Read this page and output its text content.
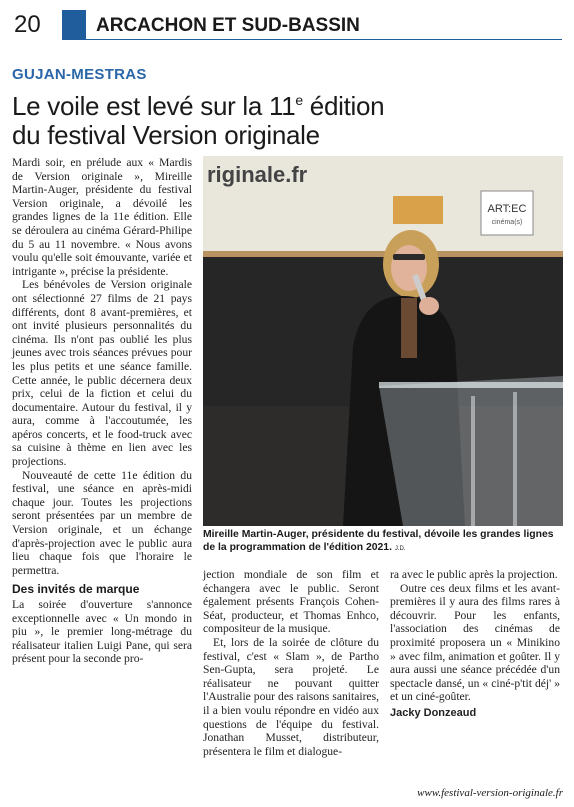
20	ARCACHON ET SUD-BASSIN
GUJAN-MESTRAS
Le voile est levé sur la 11e édition
du festival Version originale

Mardi soir, en prélude aux « Mardis de Version originale », Mireille Martin-Auger, présidente du festival Version originale, a dévoilé les grandes lignes de la 11e édition. Elle se déroulera au cinéma Gérard-Philipe du 5 au 11 novembre. « Nous avons voulu qu'elle soit émouvante, variée et intrigante », précise la présidente.

Les bénévoles de Version originale ont sélectionné 27 films de 21 pays différents, dont 8 avant-premières, et ont invité plusieurs personnalités du cinéma. Ils n'ont pas oublié les plus jeunes avec trois séances prévues pour les plus petits et une séance famille. Cette année, le public décernera deux prix, celui de la fiction et celui du documentaire. Autour du festival, il y aura, comme à l'accoutumée, les apéros concerts, et le food-truck avec sa cuisine à thème en lien avec les projections.

Nouveauté de cette 11e édition du festival, une séance en après-midi chaque jour. Toutes les projections seront présentées par un membre de Version originale, et un échange d'après-projection avec le public aura lieu chaque fois que l'horaire le permettra.

Des invités de marque

La soirée d'ouverture s'annonce exceptionnelle avec « Un mondo in piu », le premier long-métrage du réalisateur italien Luigi Pane, qui sera présent pour la seconde pro-

riginale.fr
ART:EC
cinéma(s)
Mireille Martin-Auger, présidente du festival, dévoile les grandes lignes de la programmation de l'édition 2021. J.D.

jection mondiale de son film et échangera avec le public. Seront également présents François Cohen-Séat, producteur, et Thomas Enhco, compositeur de la musique.

Et, lors de la soirée de clôture du festival, c'est « Slam », de Partho Sen-Gupta, sera projeté. Le réalisateur ne pouvant quitter l'Australie pour des raisons sanitaires, il a bien voulu répondre en vidéo aux questions de l'équipe du festival. Jonathan Musset, distributeur, présentera le film et dialogue-

ra avec le public après la projection.

Outre ces deux films et les avant-premières il y aura des films rares à découvrir. Pour les enfants, l'association des cinémas de proximité proposera un « Minikino » avec film, animation et goûter. Il y aura aussi une séance précédée d'un spectacle dansé, un « ciné-p'tit déj' » et un ciné-goûter.

Jacky Donzeaud
www.festival-version-originale.fr
